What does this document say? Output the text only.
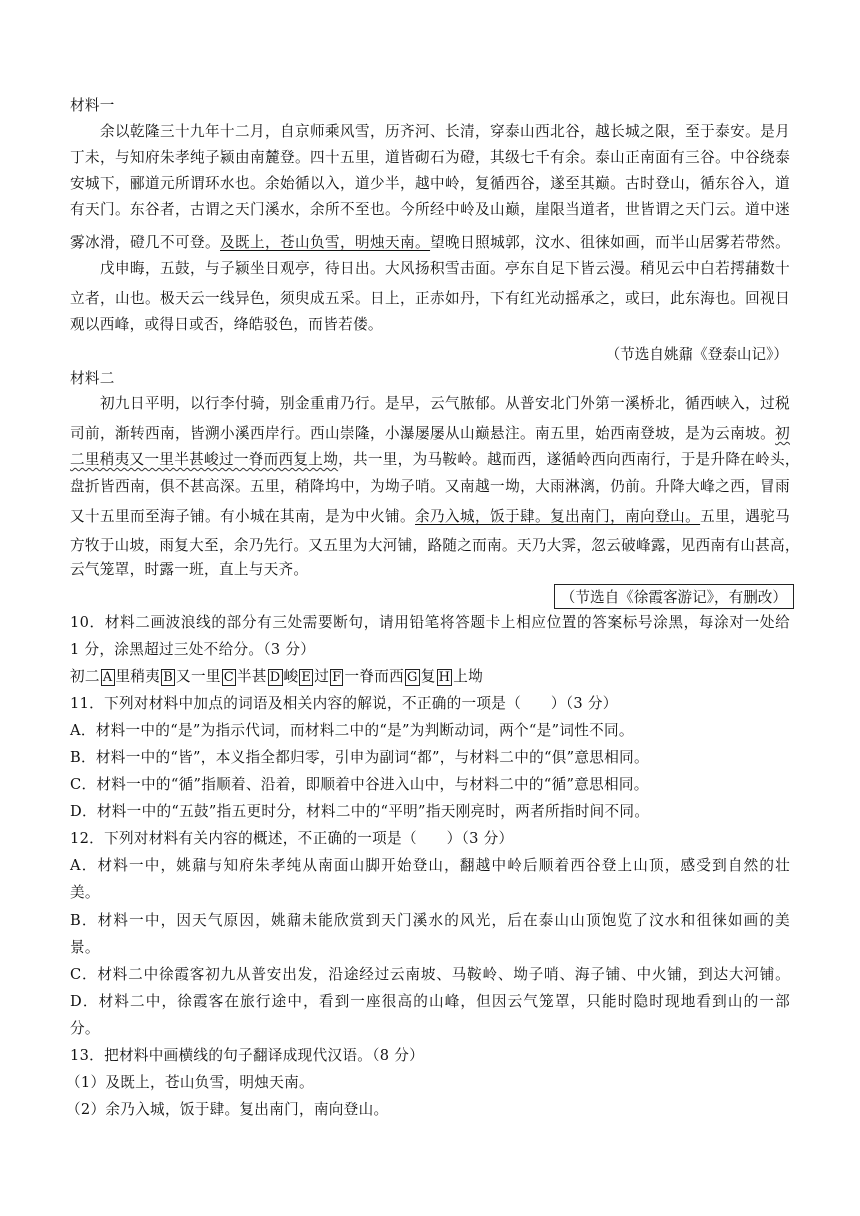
材料一
余以乾隆三十九年十二月，自京师乘风雪，历齐河、长清，穿泰山西北谷，越长城之限，至于泰安。是月
丁未，与知府朱孝纯子颍由南麓登。四十五里，道皆砌石为磴，其级七千有余。泰山正南面有三谷。中谷绕泰
安城下，郦道元所谓环水也。余始循以入，道少半，越中岭，复循西谷，遂至其巅。古时登山，循东谷入，道
有天门。东谷者，古谓之天门溪水，余所不至也。今所经中岭及山巅，崖限当道者，世皆谓之天门云。道中迷
雾冰滑，磴几不可登。及既上，苍山负雪，明烛天南。望晚日照城郭，汶水、徂徕如画，而半山居雾若带然。
戊申晦，五鼓，与子颍坐日观亭，待日出。大风扬积雪击面。亭东自足下皆云漫。稍见云中白若摴蒱数十
立者，山也。极天云一线异色，须臾成五采。日上，正赤如丹，下有红光动摇承之，或曰，此东海也。回视日
观以西峰，或得日或否，绛皓驳色，而皆若偻。
（节选自姚鼐《登泰山记》）
材料二
初九日平明，以行李付骑，别金重甫乃行。是早，云气脓郁。从普安北门外第一溪桥北，循西峡入，过税
司前，渐转西南，皆溯小溪西岸行。西山崇隆，小瀑屡屡从山巅悬注。南五里，始西南登坡，是为云南坡。初
二里稍夷又一里半甚峻过一脊而西复上坳，共一里，为马鞍岭。越而西，遂循岭西向西南行，于是升降在岭头，
盘折皆西南，俱不甚高深。五里，稍降坞中，为坳子哨。又南越一坳，大雨淋漓，仍前。升降大峰之西，冒雨
又十五里而至海子铺。有小城在其南，是为中火铺。余乃入城，饭于肆。复出南门，南向登山。五里，遇驼马
方牧于山坡，雨复大至，余乃先行。又五里为大河铺，路随之而南。天乃大霁，忽云破峰露，见西南有山甚高，
云气笼罩，时露一班，直上与天齐。
（节选自《徐霞客游记》，有删改）
10．材料二画波浪线的部分有三处需要断句，请用铅笔将答题卡上相应位置的答案标号涂黑，每涂对一处给
1 分，涂黑超过三处不给分。（3 分）
初二 A 里稍夷 B 又一里 C 半甚 D 峻 E 过 F 一脊而西 G 复 H 上坳
11．下列对材料中加点的词语及相关内容的解说，不正确的一项是（　　）（3 分）
A．材料一中的“是”为指示代词，而材料二中的“是”为判断动词，两个“是”词性不同。
B．材料一中的“皆”，本义指全都归零，引申为副词“都”，与材料二中的“俱”意思相同。
C．材料一中的“循”指顺着、沿着，即顺着中谷进入山中，与材料二中的“循”意思相同。
D．材料一中的“五鼓”指五更时分，材料二中的“平明”指天刚亮时，两者所指时间不同。
12．下列对材料有关内容的概述，不正确的一项是（　　）（3 分）
A．材料一中，姚鼐与知府朱孝纯从南面山脚开始登山，翻越中岭后顺着西谷登上山顶，感受到自然的壮
美。
B．材料一中，因天气原因，姚鼐未能欣赏到天门溪水的风光，后在泰山山顶饱览了汶水和徂徕如画的美
景。
C．材料二中徐霞客初九从普安出发，沿途经过云南坡、马鞍岭、坳子哨、海子铺、中火铺，到达大河铺。
D．材料二中，徐霞客在旅行途中，看到一座很高的山峰，但因云气笼罩，只能时隐时现地看到山的一部
分。
13．把材料中画横线的句子翻译成现代汉语。（8 分）
（1）及既上，苍山负雪，明烛天南。
（2）余乃入城，饭于肆。复出南门，南向登山。
